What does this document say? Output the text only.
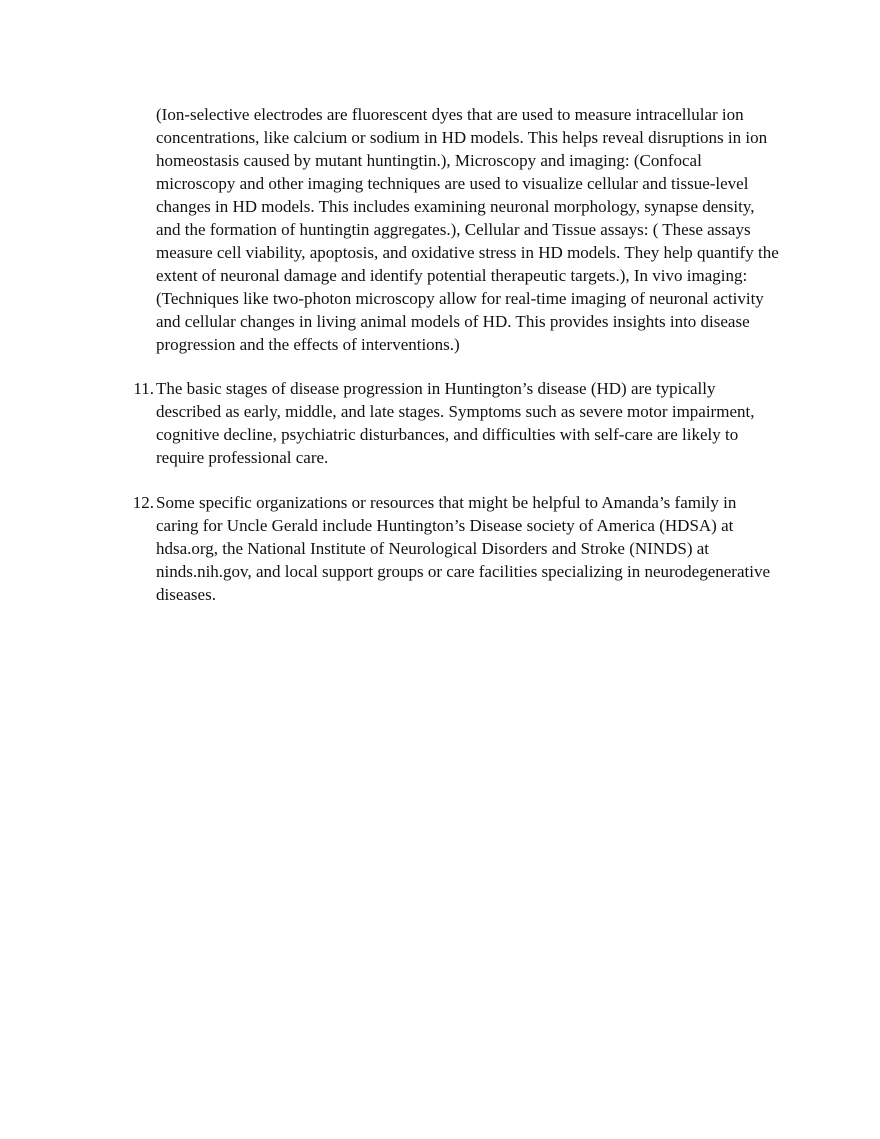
(Ion-selective electrodes are fluorescent dyes that are used to measure intracellular ion concentrations, like calcium or sodium in HD models. This helps reveal disruptions in ion homeostasis caused by mutant huntingtin.), Microscopy and imaging: (Confocal microscopy and other imaging techniques are used to visualize cellular and tissue-level changes in HD models. This includes examining neuronal morphology, synapse density, and the formation of huntingtin aggregates.), Cellular and Tissue assays: ( These assays measure cell viability, apoptosis, and oxidative stress in HD models. They help quantify the extent of neuronal damage and identify potential therapeutic targets.), In vivo imaging: (Techniques like two-photon microscopy allow for real-time imaging of neuronal activity and cellular changes in living animal models of HD. This provides insights into disease progression and the effects of interventions.)

11. The basic stages of disease progression in Huntington’s disease (HD) are typically described as early, middle, and late stages. Symptoms such as severe motor impairment, cognitive decline, psychiatric disturbances, and difficulties with self-care are likely to require professional care.

12. Some specific organizations or resources that might be helpful to Amanda’s family in caring for Uncle Gerald include Huntington’s Disease society of America (HDSA) at hdsa.org, the National Institute of Neurological Disorders and Stroke (NINDS) at ninds.nih.gov, and local support groups or care facilities specializing in neurodegenerative diseases.
